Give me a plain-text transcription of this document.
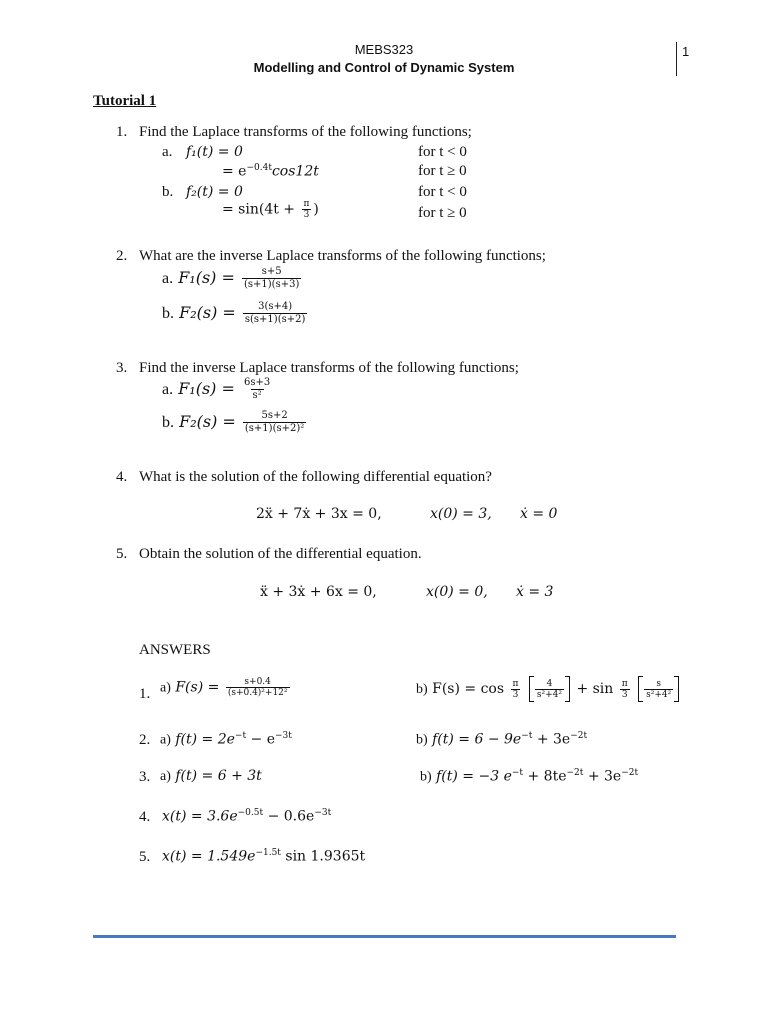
MEBS323
Modelling and Control of Dynamic System
1
Tutorial 1
1. Find the Laplace transforms of the following functions;
a. f₁(t) = 0	for t < 0
= $e^{-0.4t}\cos 12t$	for t ≥ 0
b. f₂(t) = 0	for t < 0
= $\sin(4t + \frac{\pi}{3}$ )	for t ≥ 0
2. What are the inverse Laplace transforms of the following functions;
a. $F_1(s) = \frac{s+5}{(s+1)(s+3)}$
b. $F_2(s) = \frac{3(s+4)}{s(s+1)(s+2)}$
3. Find the inverse Laplace transforms of the following functions;
a. $F_1(s) = \frac{6s+3}{\text{s²}}$
b. $F_2(s) = \frac{5s+2}{\text{(s+1)(s+2)²}}$
4. What is the solution of the following differential equation?
2ẍ + 7ẋ + 3x = 0,	x(0) = 3, ẋ = 0
5. Obtain the solution of the differential equation.
ẍ + 3ẋ + 6x = 0,	x(0) = 0, ẋ = 3
ANSWERS
1. a) $F(s) = \frac{s+0.4}{\text{(s+0.4)²+12²}}$	b) $F(s) = \cos \frac{\pi}{3}$
$\frac{4}{\text{s²+4²}} + \sin \frac{\pi}{3}$
$\frac{s}{\text{s²+4²}}$
2. a) $f(t) = 2e^{-t} - e^{-3t}$	b) $f(t) = 6 - 9e^{-t} + 3e^{-2t}$
3. a) f(t) = 6 + 3t	b) f(t) = −3 $e^{-t} + 8te^{-2t} + 3e^{-2t}$
4. $x(t) = 3.6e^{-0.5t} - 0.6e^{-3t}$
5. $x(t) = 1.549e^{-1.5t}$ sin 1.9365t
